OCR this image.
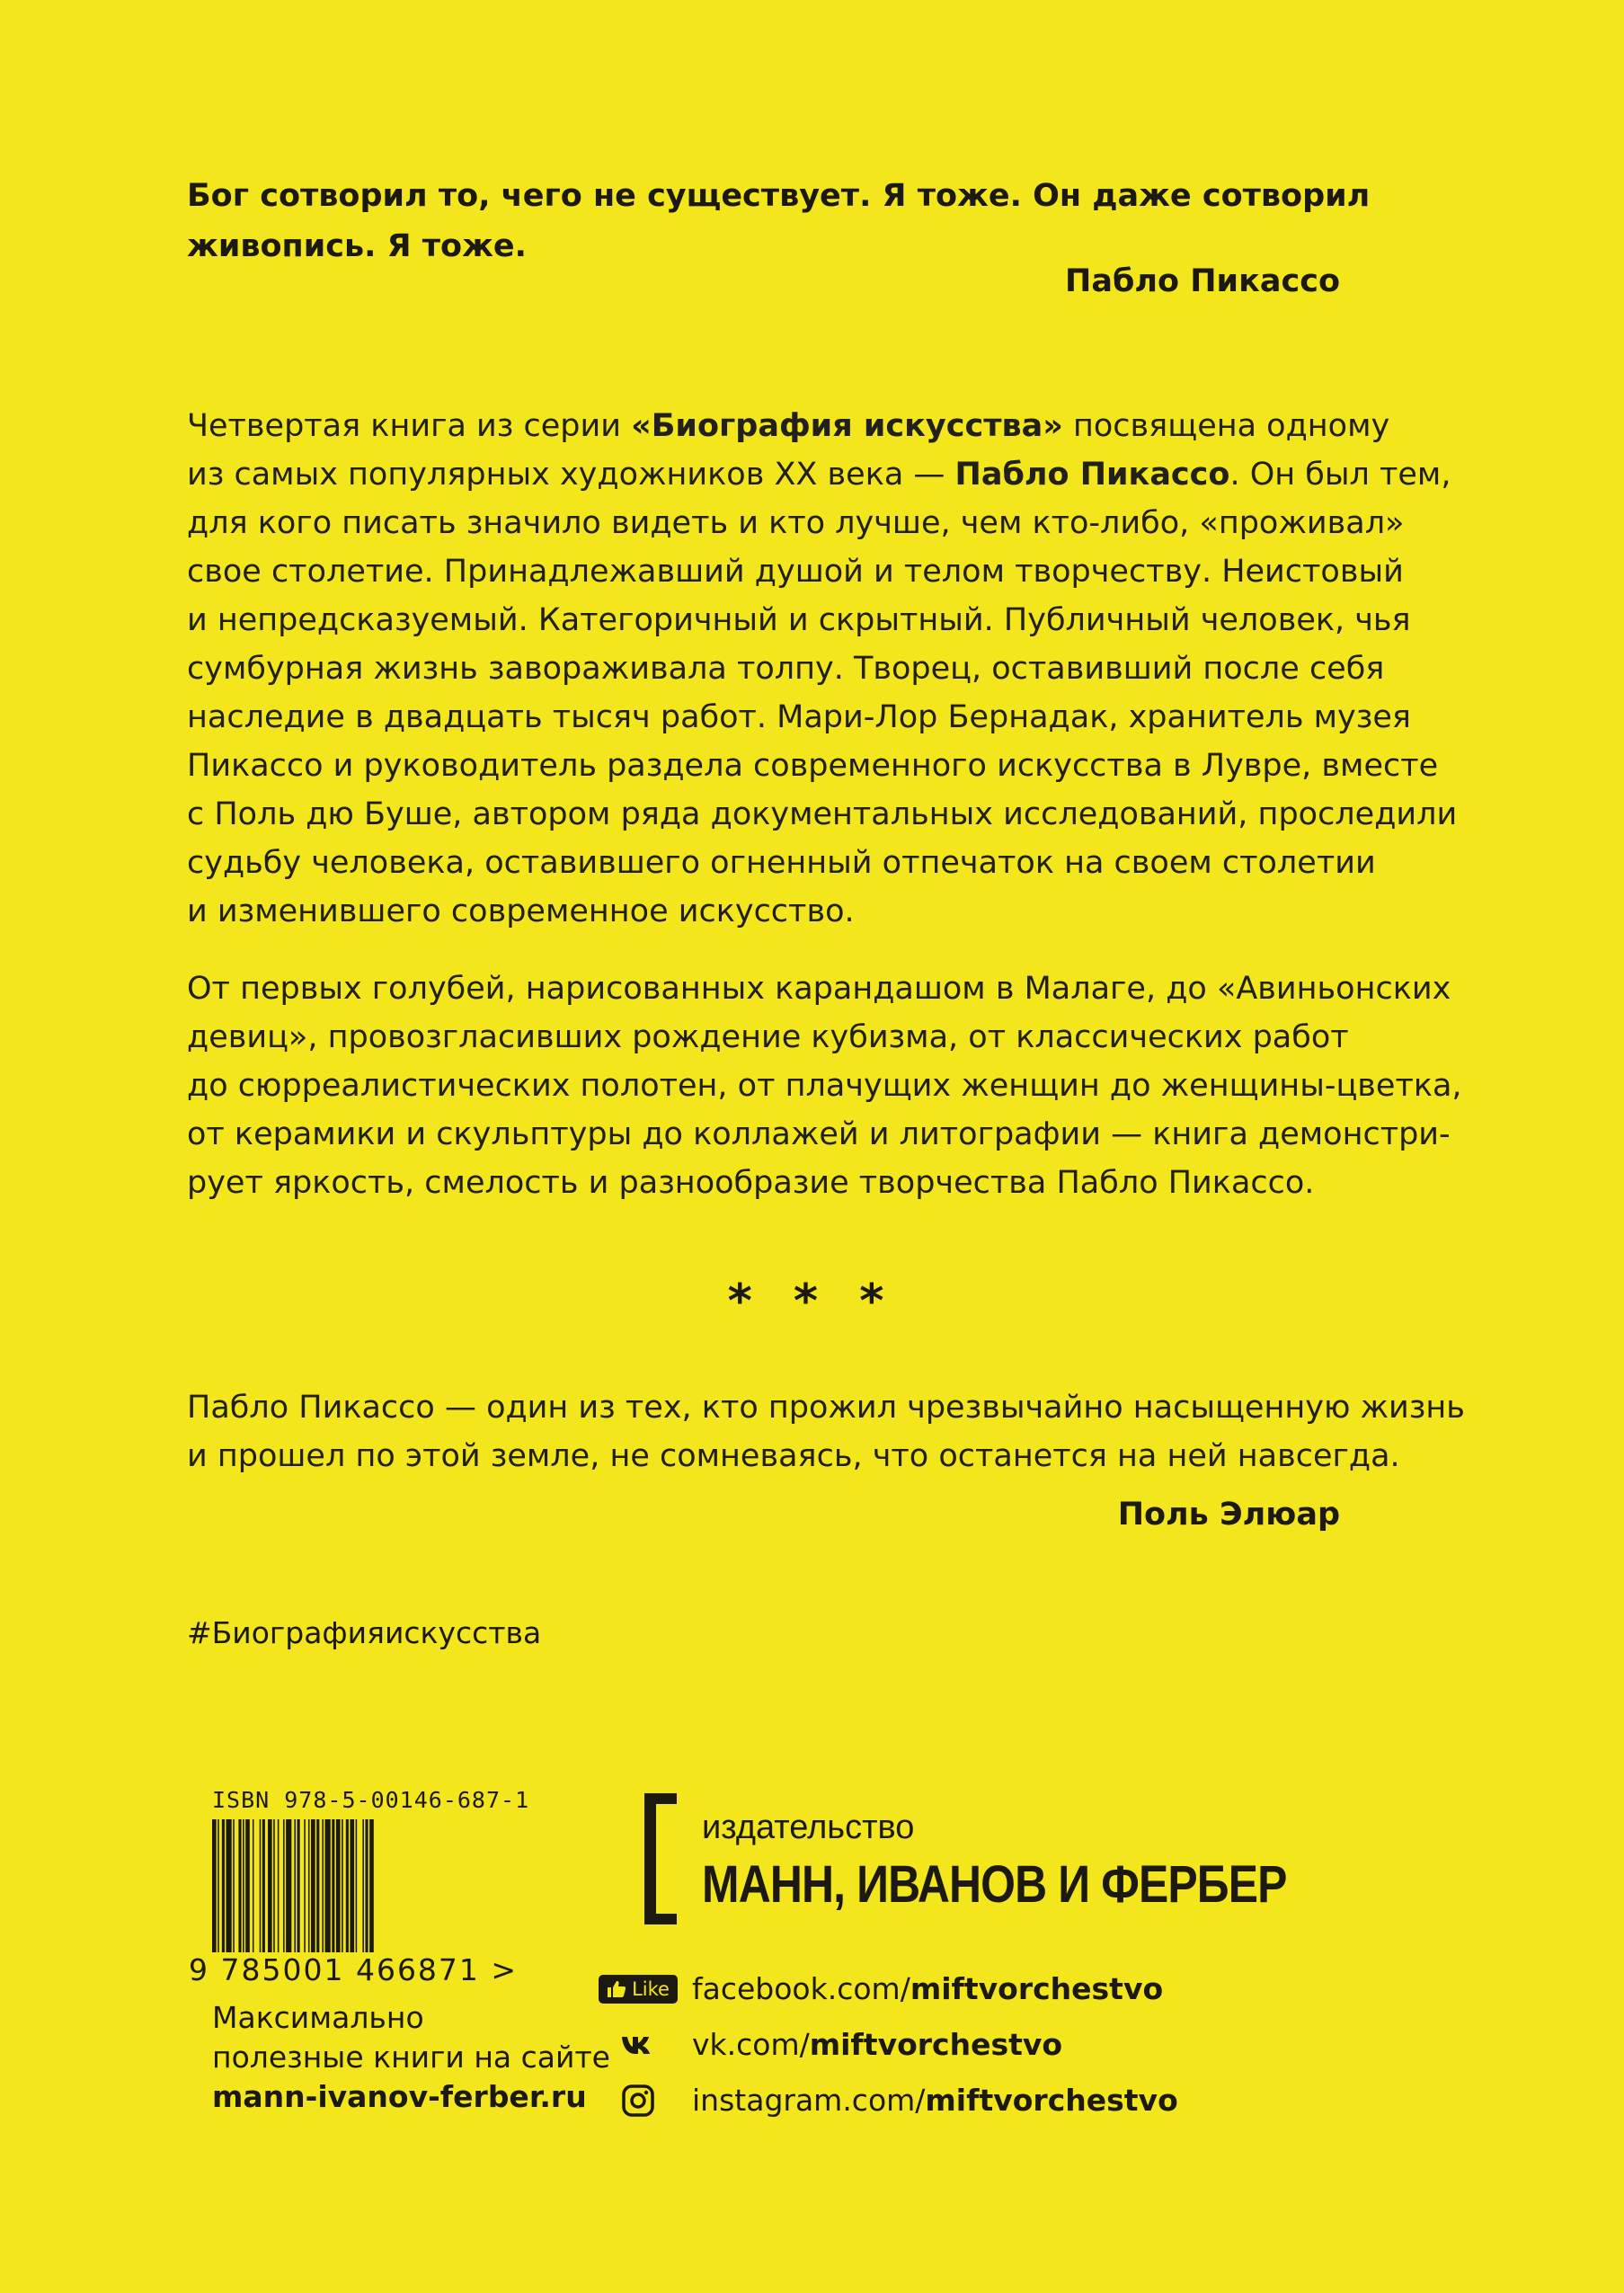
Бог сотворил то, чего не существует. Я тоже. Он даже сотворил
живопись. Я тоже.
Пабло Пикассо
Четвертая книга из серии «Биография искусства» посвящена одному
из самых популярных художников XX века — Пабло Пикассо. Он был тем,
для кого писать значило видеть и кто лучше, чем кто-либо, «проживал»
свое столетие. Принадлежавший душой и телом творчеству. Неистовый
и непредсказуемый. Категоричный и скрытный. Публичный человек, чья
сумбурная жизнь завораживала толпу. Творец, оставивший после себя
наследие в двадцать тысяч работ. Мари-Лор Бернадак, хранитель музея
Пикассо и руководитель раздела современного искусства в Лувре, вместе
с Поль дю Буше, автором ряда документальных исследований, проследили
судьбу человека, оставившего огненный отпечаток на своем столетии
и изменившего современное искусство.
От первых голубей, нарисованных карандашом в Малаге, до «Авиньонских
девиц», провозгласивших рождение кубизма, от классических работ
до сюрреалистических полотен, от плачущих женщин до женщины-цветка,
от керамики и скульптуры до коллажей и литографии — книга демонстри-
рует яркость, смелость и разнообразие творчества Пабло Пикассо.
* * *
Пабло Пикассо — один из тех, кто прожил чрезвычайно насыщенную жизнь
и прошел по этой земле, не сомневаясь, что останется на ней навсегда.
Поль Элюар
#Биографияискусства
ISBN 978-5-00146-687-1
9 785001 466871 >
Максимально
полезные книги на сайте
mann-ivanov-ferber.ru
издательство
МАНН, ИВАНОВ И ФЕРБЕР
Like facebook.com/miftvorchestvo
vk.com/miftvorchestvo
instagram.com/miftvorchestvo
